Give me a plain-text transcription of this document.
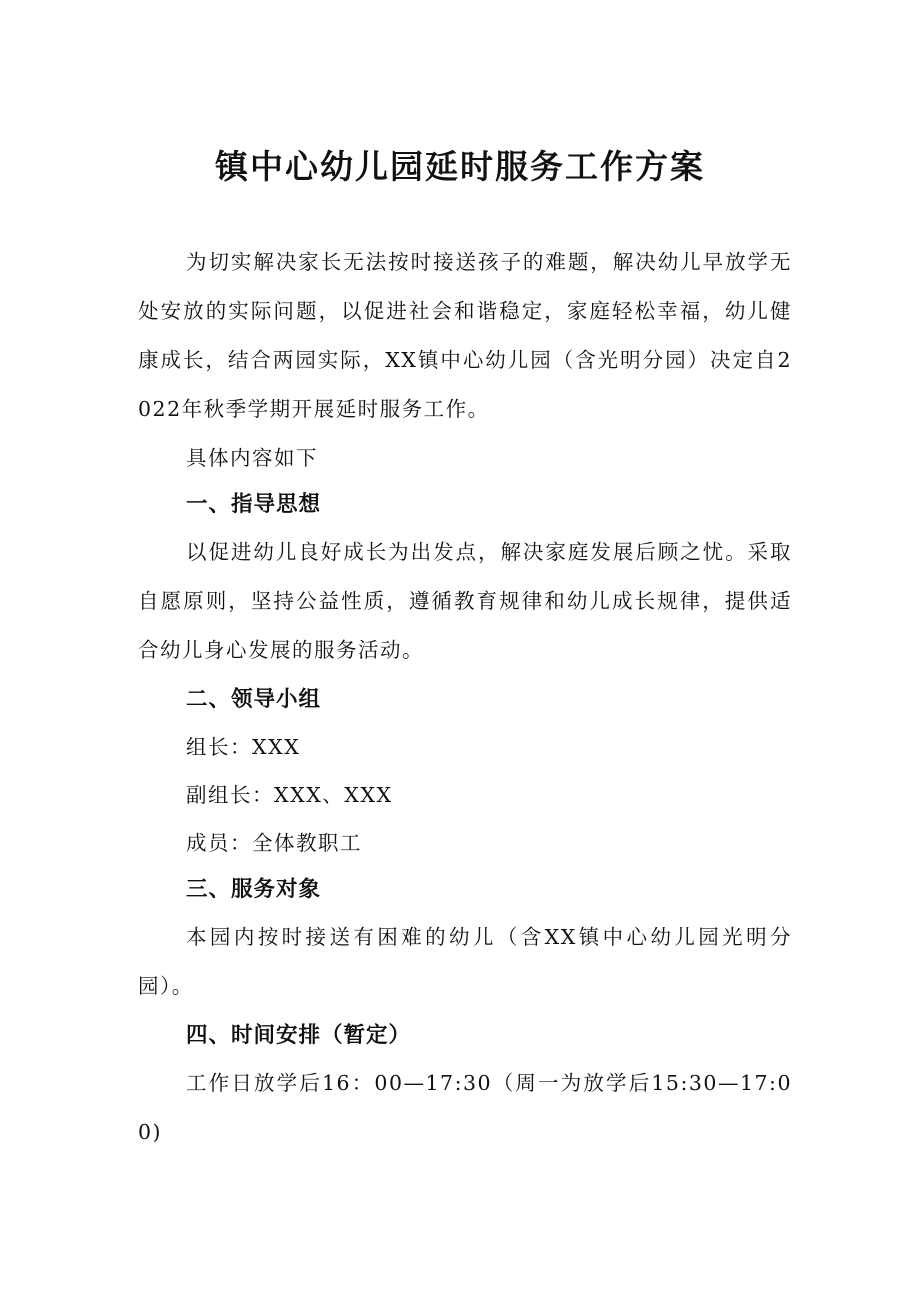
镇中心幼儿园延时服务工作方案

为切实解决家长无法按时接送孩子的难题，解决幼儿早放学无处安放的实际问题，以促进社会和谐稳定，家庭轻松幸福，幼儿健康成长，结合两园实际，XX镇中心幼儿园（含光明分园）决定自2022年秋季学期开展延时服务工作。

具体内容如下

一、指导思想

以促进幼儿良好成长为出发点，解决家庭发展后顾之忧。采取自愿原则，坚持公益性质，遵循教育规律和幼儿成长规律，提供适合幼儿身心发展的服务活动。

二、领导小组

组长：XXX

副组长：XXX、XXX

成员：全体教职工

三、服务对象

本园内按时接送有困难的幼儿（含XX镇中心幼儿园光明分园）。

四、时间安排（暂定）

工作日放学后16：00—17:30（周一为放学后15:30—17:00)
